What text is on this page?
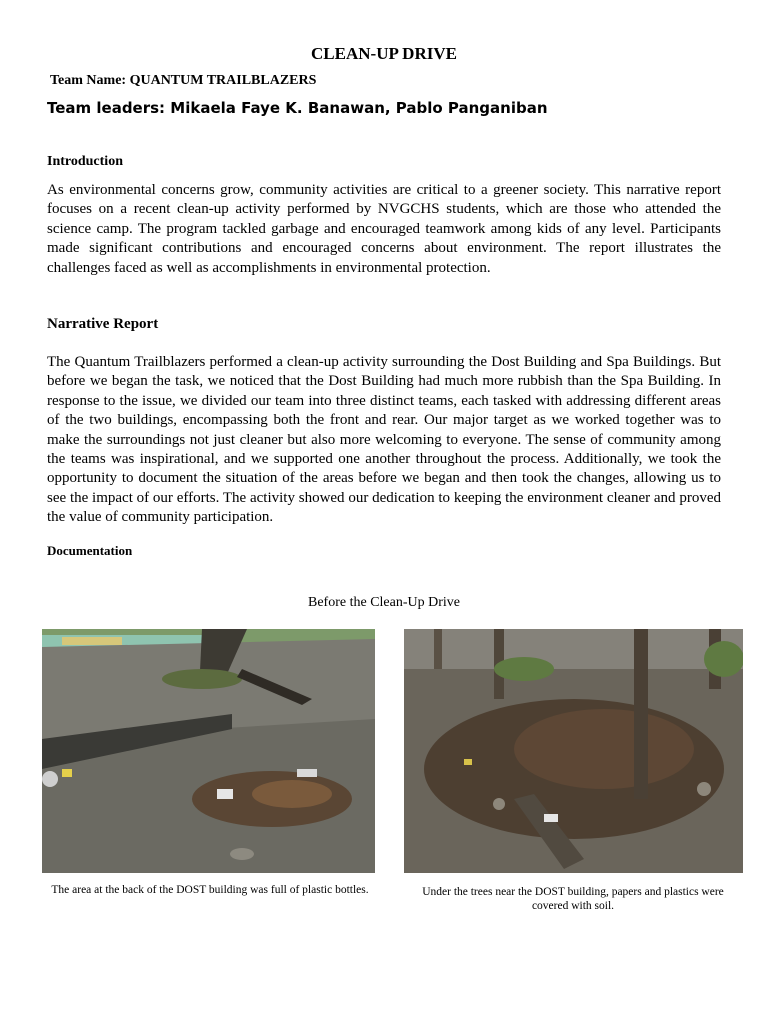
CLEAN-UP DRIVE
Team Name: QUANTUM TRAILBLAZERS
Team leaders: Mikaela Faye K. Banawan, Pablo Panganiban
Introduction

As environmental concerns grow, community activities are critical to a greener society. This narrative report focuses on a recent clean-up activity performed by NVGCHS students, which are those who attended the science camp. The program tackled garbage and encouraged teamwork among kids of any level. Participants made significant contributions and encouraged concerns about environment. The report illustrates the challenges faced as well as accomplishments in environmental protection.

Narrative Report

The Quantum Trailblazers performed a clean-up activity surrounding the Dost Building and Spa Buildings. But before we began the task, we noticed that the Dost Building had much more rubbish than the Spa Building. In response to the issue, we divided our team into three distinct teams, each tasked with addressing different areas of the two buildings, encompassing both the front and rear. Our major target as we worked together was to make the surroundings not just cleaner but also more welcoming to everyone. The sense of community among the teams was inspirational, and we supported one another throughout the process. Additionally, we took the opportunity to document the situation of the areas before we began and then took the changes, allowing us to see the impact of our efforts. The activity showed our dedication to keeping the environment cleaner and proved the value of community participation.

Documentation
Before the Clean-Up Drive
The area at the back of the DOST building was full of plastic bottles.	Under the trees near the DOST building, papers and plastics were covered with soil.
